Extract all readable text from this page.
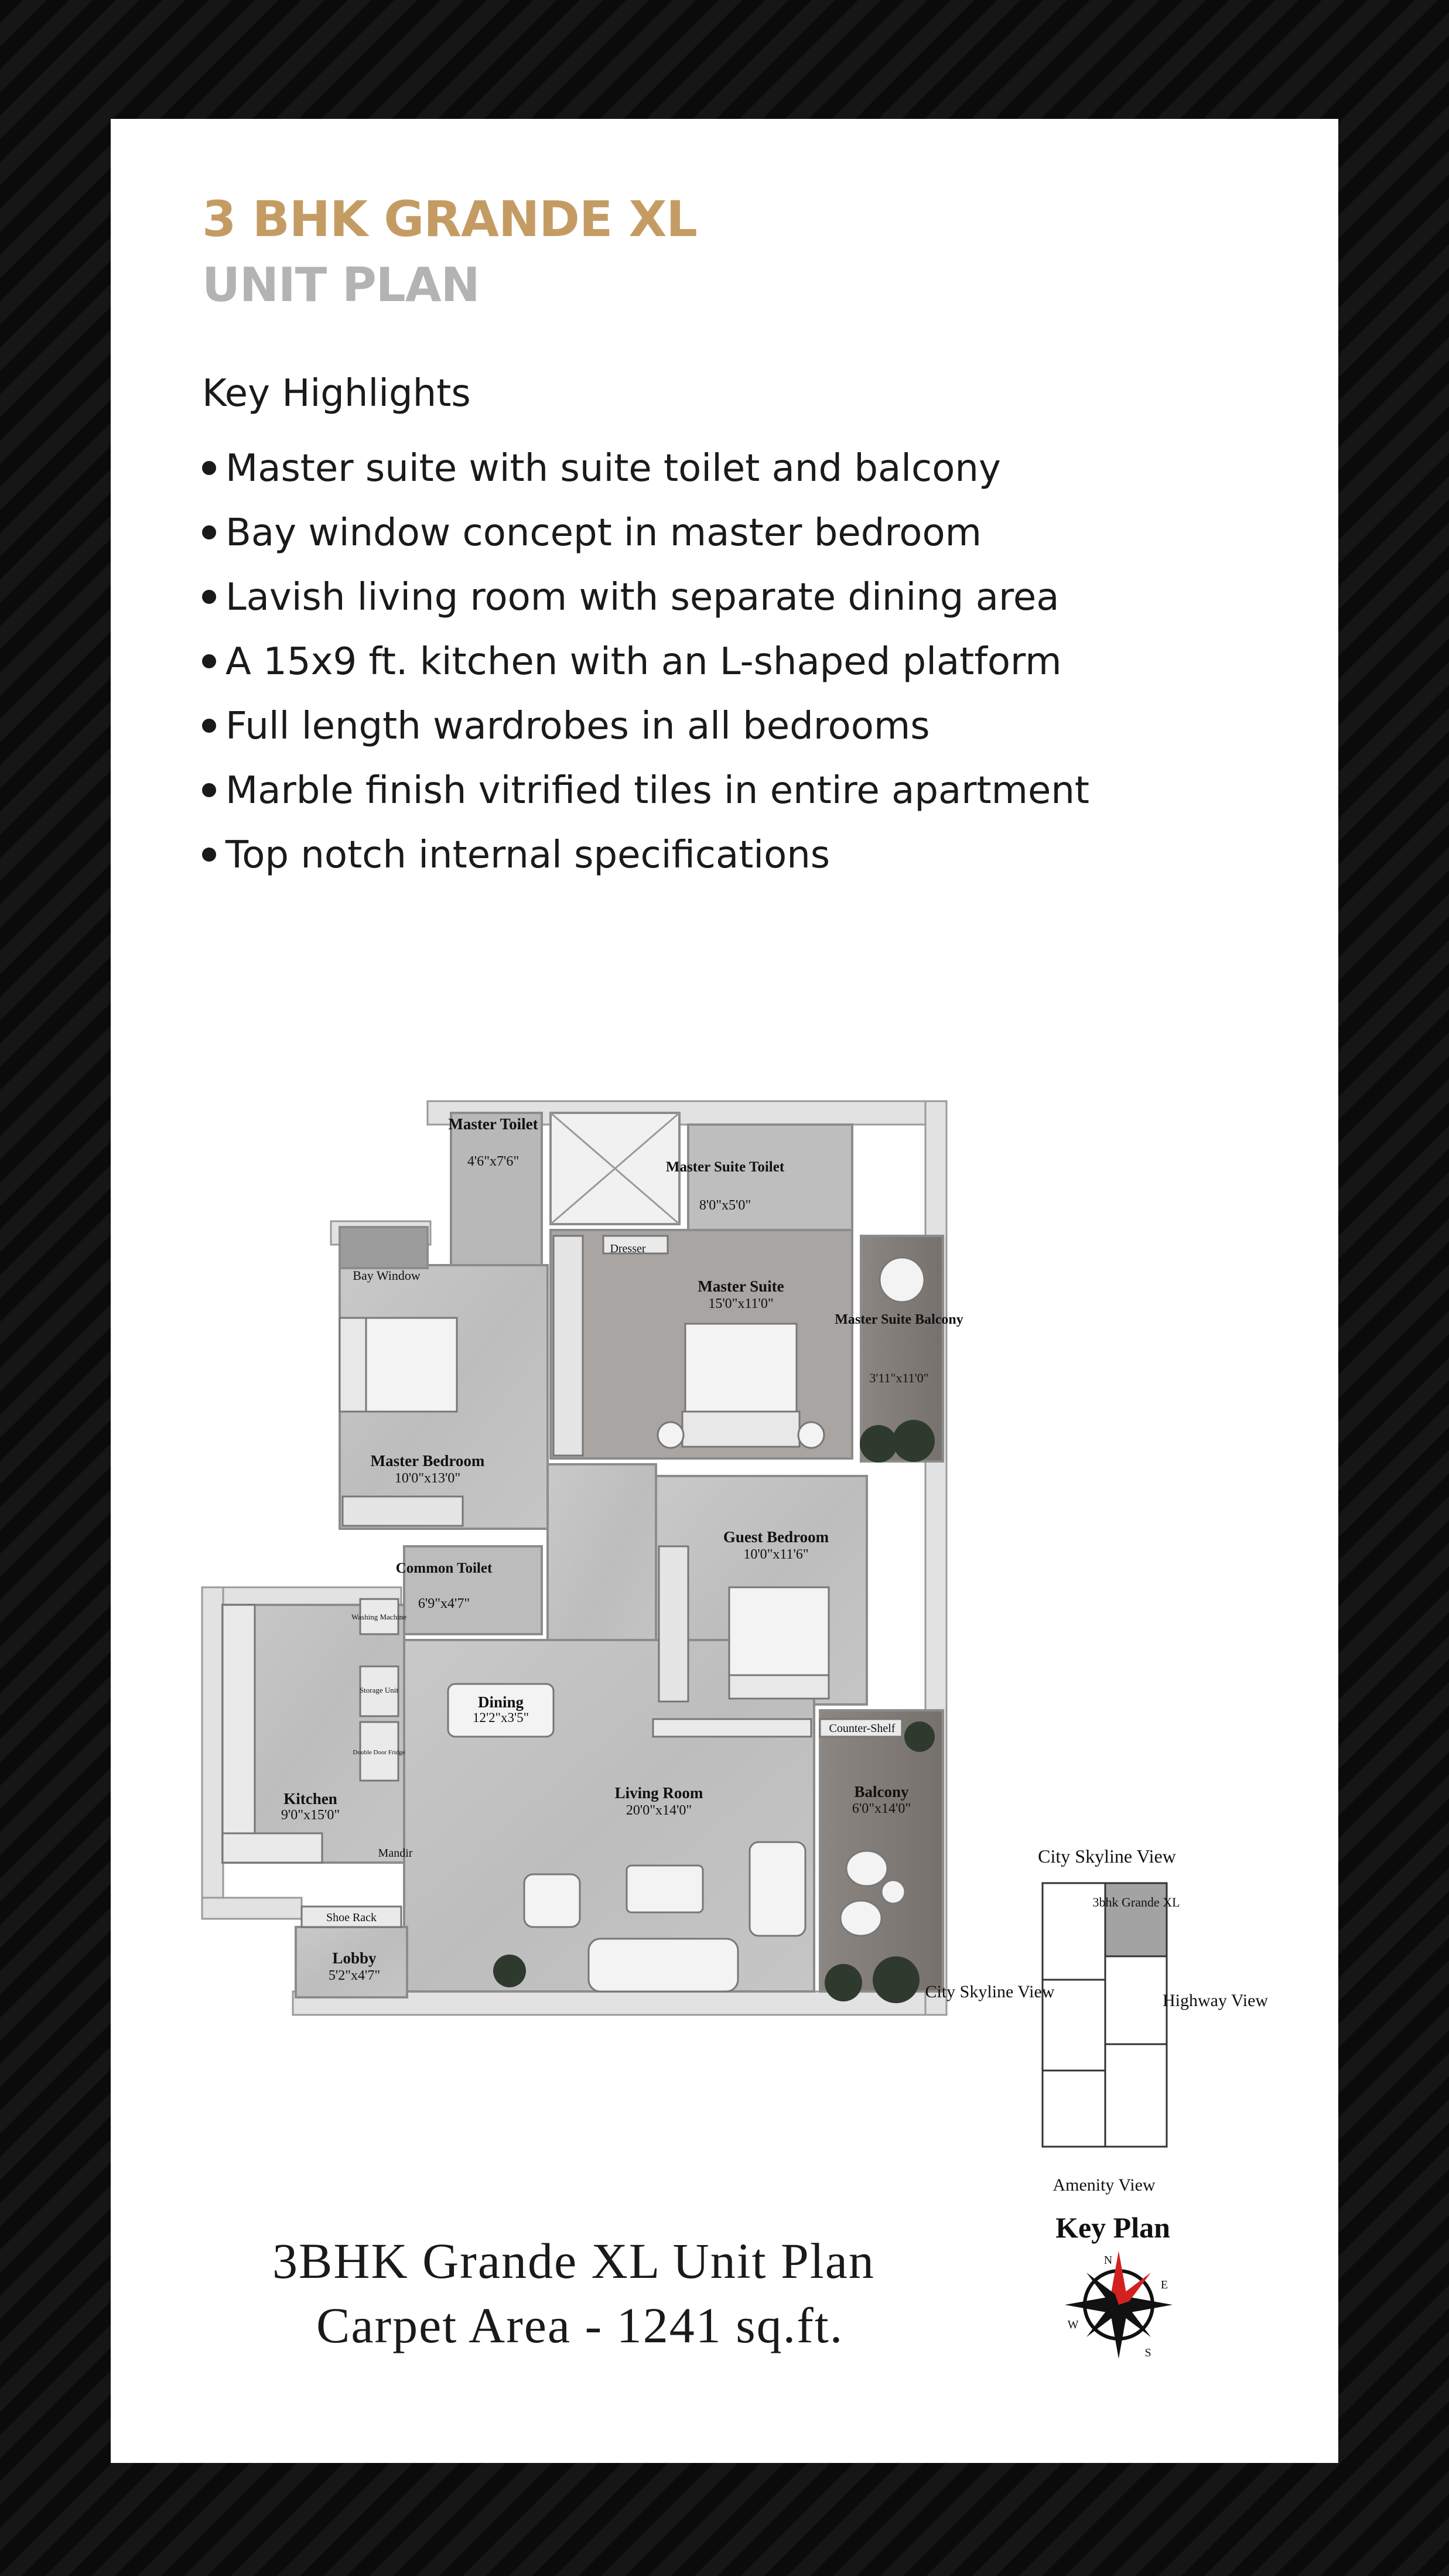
3 BHK GRANDE XL
UNIT PLAN
Key Highlights
Master suite with suite toilet and balcony
Bay window concept in master bedroom
Lavish living room with separate dining area
A 15x9 ft. kitchen with an L-shaped platform
Full length wardrobes in all bedrooms
Marble finish vitrified tiles in entire apartment
Top notch internal specifications
Master Toilet
4'6"x7'6"	Master Suite Toilet
8'0"x5'0"
Dresser
Master Suite
15'0"x11'0"
Master Suite Balcony
3'11"x11'0"
Bay Window
Master Bedroom
10'0"x13'0"
Guest Bedroom
10'0"x11'6"
Common Toilet
6'9"x4'7"
Washing Machine
Storage Unit
Double Door Fridge
Dining
12'2"x3'5"
Counter-Shelf
Kitchen
9'0"x15'0"
Living Room
20'0"x14'0"
Balcony
6'0"x14'0"
Mandir
Shoe Rack
Lobby
5'2"x4'7"
City Skyline View
3bhk Grande XL
City Skyline View	Highway View
Amenity View
Key Plan
N
E
S
W
3BHK Grande XL Unit Plan
Carpet Area - 1241 sq.ft.
